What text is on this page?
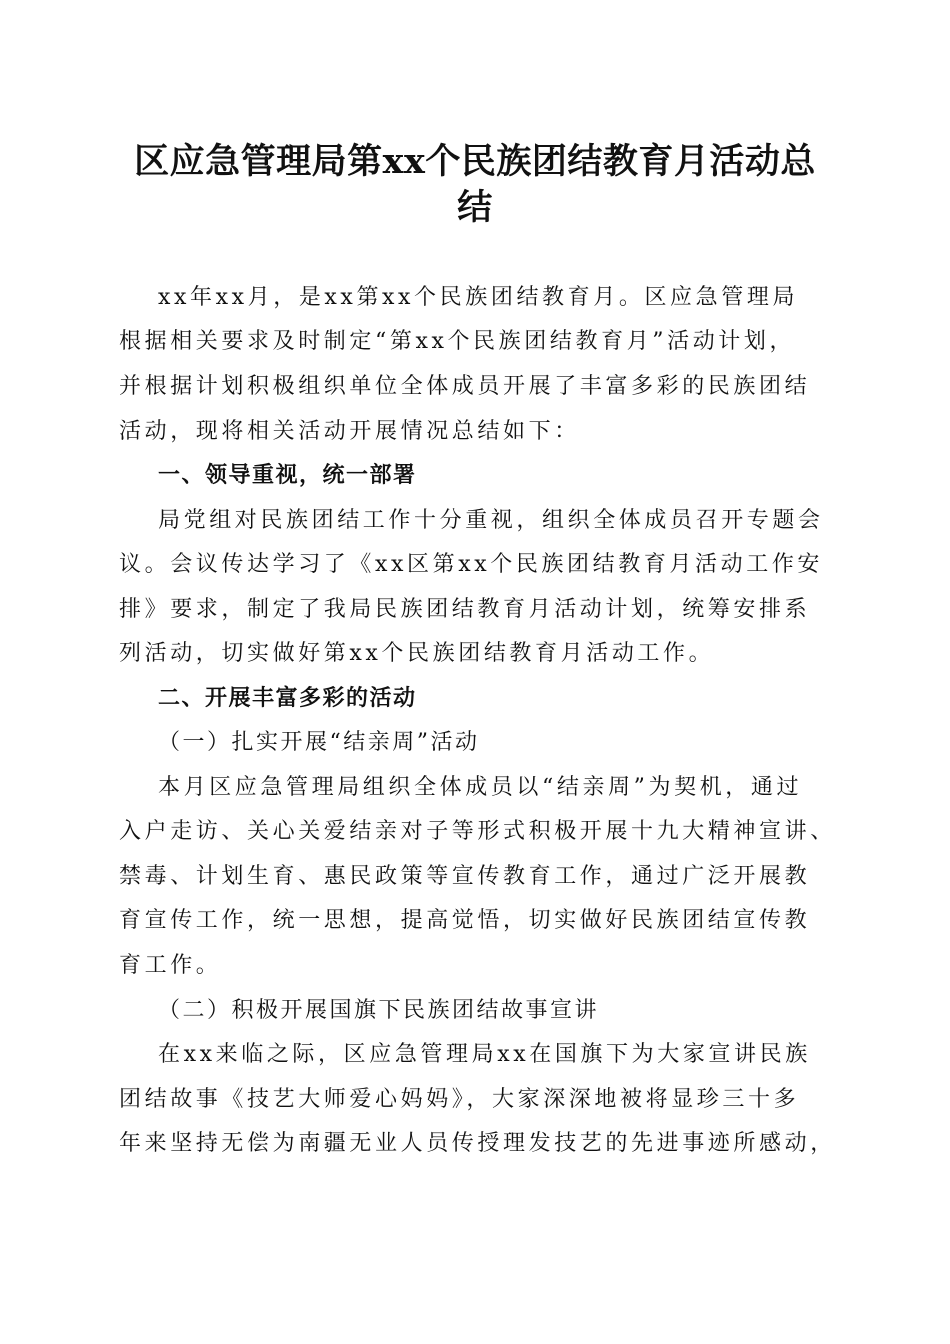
区应急管理局第xx个民族团结教育月活动总
结
xx年xx月，是xx第xx个民族团结教育月。区应急管理局
根据相关要求及时制定“第xx个民族团结教育月”活动计划，
并根据计划积极组织单位全体成员开展了丰富多彩的民族团结
活动，现将相关活动开展情况总结如下：
一、领导重视，统一部署
局党组对民族团结工作十分重视，组织全体成员召开专题会
议。会议传达学习了《xx区第xx个民族团结教育月活动工作安
排》要求，制定了我局民族团结教育月活动计划，统筹安排系
列活动，切实做好第xx个民族团结教育月活动工作。
二、开展丰富多彩的活动
（一）扎实开展“结亲周”活动
本月区应急管理局组织全体成员以“结亲周”为契机，通过
入户走访、关心关爱结亲对子等形式积极开展十九大精神宣讲、
禁毒、计划生育、惠民政策等宣传教育工作，通过广泛开展教
育宣传工作，统一思想，提高觉悟，切实做好民族团结宣传教
育工作。
（二）积极开展国旗下民族团结故事宣讲
在xx来临之际，区应急管理局xx在国旗下为大家宣讲民族
团结故事《技艺大师爱心妈妈》，大家深深地被将显珍三十多
年来坚持无偿为南疆无业人员传授理发技艺的先进事迹所感动，
